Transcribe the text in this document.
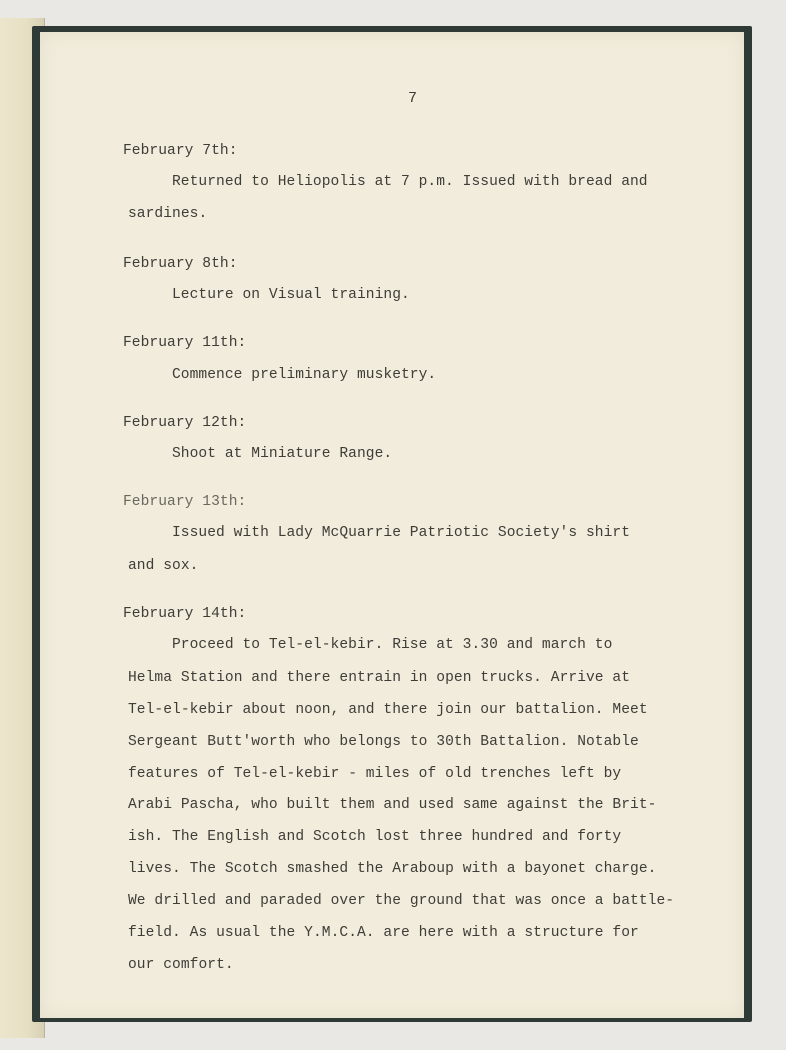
7
February 7th:
Returned to Heliopolis at 7 p.m. Issued with bread and
sardines.
February 8th:
Lecture on Visual training.
February 11th:
Commence preliminary musketry.
February 12th:
Shoot at Miniature Range.
February 13th:
Issued with Lady McQuarrie Patriotic Society's shirt
and sox.
February 14th:
Proceed to Tel-el-kebir. Rise at 3.30 and march to
Helma Station and there entrain in open trucks. Arrive at
Tel-el-kebir about noon, and there join our battalion. Meet
Sergeant Butt'worth who belongs to 30th Battalion. Notable
features of Tel-el-kebir - miles of old trenches left by
Arabi Pascha, who built them and used same against the Brit-
ish. The English and Scotch lost three hundred and forty
lives. The Scotch smashed the Araboup with a bayonet charge.
We drilled and paraded over the ground that was once a battle-
field. As usual the Y.M.C.A. are here with a structure for
our comfort.
